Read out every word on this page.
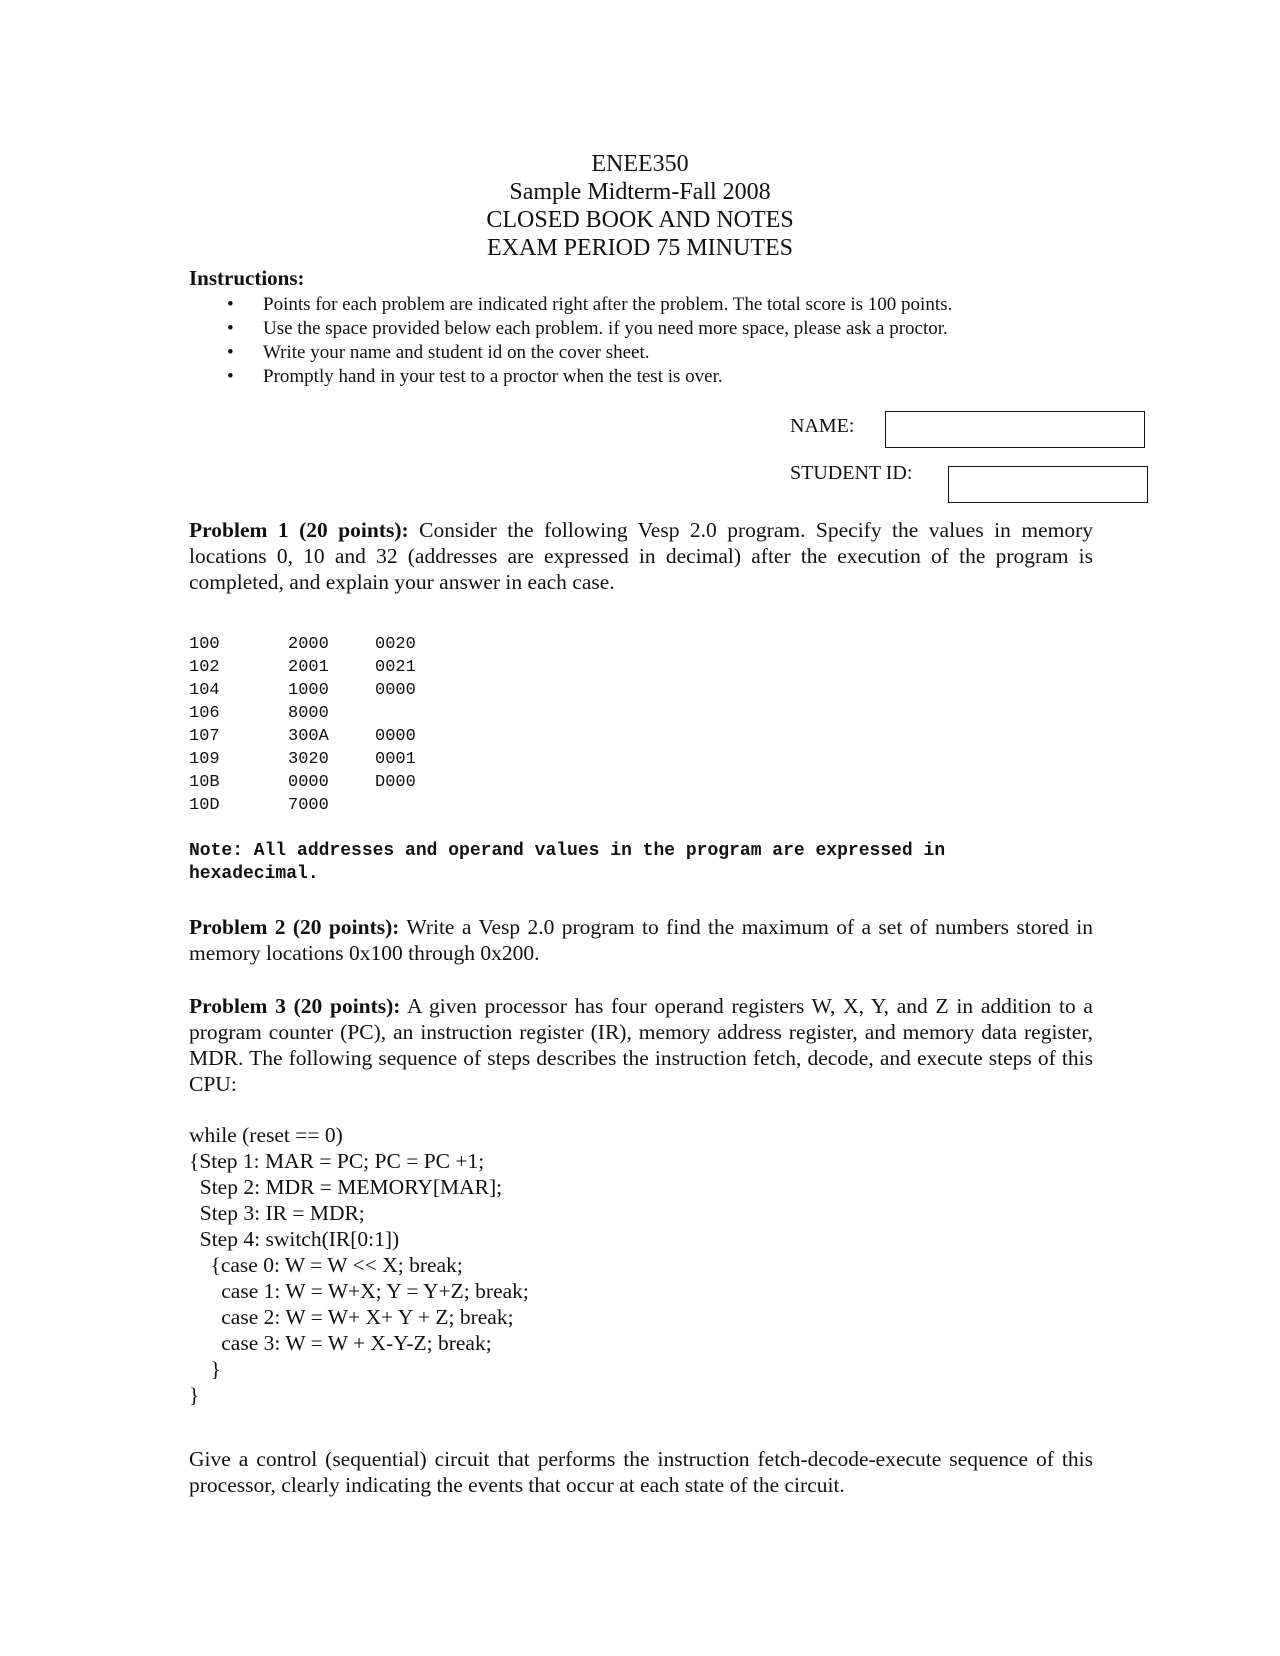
ENEE350
Sample Midterm-Fall 2008
CLOSED BOOK AND NOTES
EXAM PERIOD 75 MINUTES
Instructions:
• Points for each problem are indicated right after the problem. The total score is 100 points.
• Use the space provided below each problem. if you need more space, please ask a proctor.
• Write your name and student id on the cover sheet.
• Promptly hand in your test to a proctor when the test is over.
NAME:
STUDENT ID:
Problem 1 (20 points): Consider the following Vesp 2.0 program. Specify the values in memory locations 0, 10 and 32 (addresses are expressed in decimal) after the execution of the program is completed, and explain your answer in each case.
100	2000	0020
102	2001	0021
104	1000	0000
106	8000
107	300A	0000
109	3020	0001
10B	0000	D000
10D	7000
Note: All addresses and operand values in the program are expressed in
hexadecimal.
Problem 2 (20 points): Write a Vesp 2.0 program to find the maximum of a set of numbers stored in memory locations 0x100 through 0x200.
Problem 3 (20 points): A given processor has four operand registers W, X, Y, and Z in addition to a program counter (PC), an instruction register (IR), memory address register, and memory data register, MDR. The following sequence of steps describes the instruction fetch, decode, and execute steps of this CPU:
while (reset == 0)
{Step 1: MAR = PC; PC = PC +1;
Step 2: MDR = MEMORY[MAR];
Step 3: IR = MDR;
Step 4: switch(IR[0:1])
{case 0: W = W << X; break;
case 1: W = W+X; Y = Y+Z; break;
case 2: W = W+ X+ Y + Z; break;
case 3: W = W + X-Y-Z; break;
}
}
Give a control (sequential) circuit that performs the instruction fetch-decode-execute sequence of this processor, clearly indicating the events that occur at each state of the circuit.
